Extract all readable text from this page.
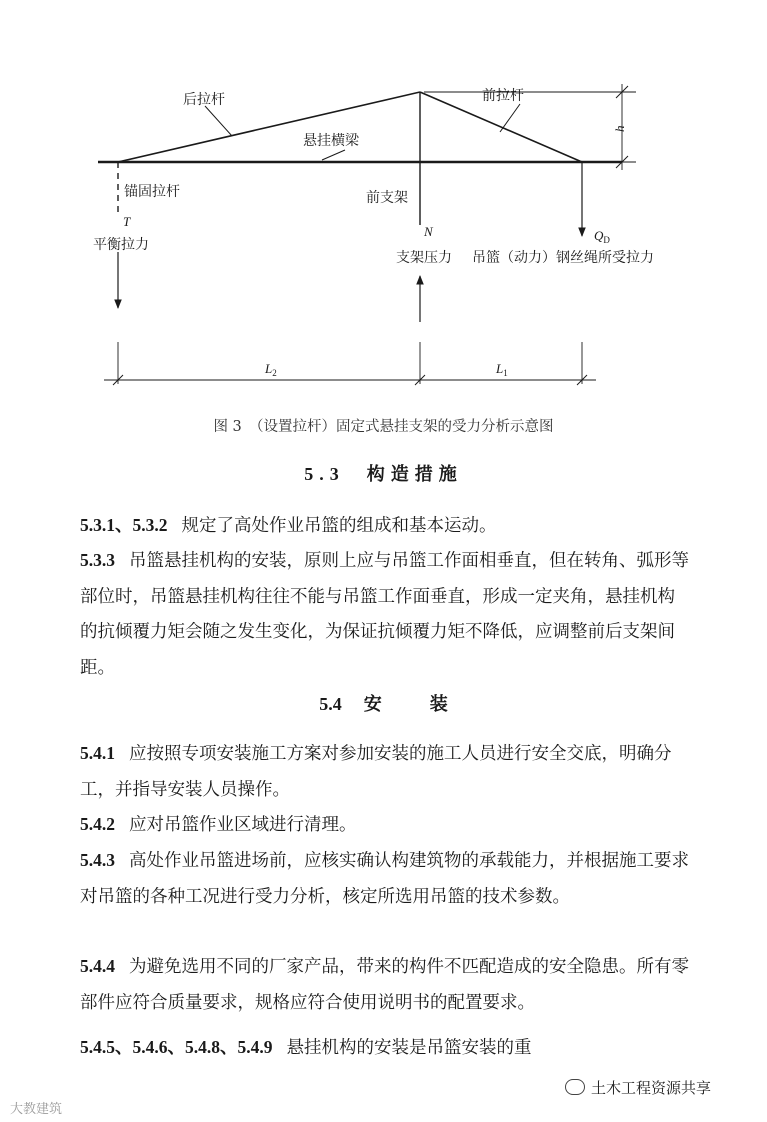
后拉杆	前拉杆
悬挂横梁
锚固拉杆	前支架
T
平衡拉力
N
支架压力
$Q_D$
吊篮（动力）钢丝绳所受拉力
h
$L_2$	$L_1$
图 3　（设置拉杆）固定式悬挂支架的受力分析示意图
5.3 构造措施
5.3.1、5.3.2 规定了高处作业吊篮的组成和基本运动。
5.3.3 吊篮悬挂机构的安装，原则上应与吊篮工作面相垂直，但在转角、弧形等部位时，吊篮悬挂机构往往不能与吊篮工作面垂直，形成一定夹角，悬挂机构的抗倾覆力矩会随之发生变化，为保证抗倾覆力矩不降低，应调整前后支架间距。
5.4 安	装
5.4.1 应按照专项安装施工方案对参加安装的施工人员进行安全交底，明确分工，并指导安装人员操作。
5.4.2 应对吊篮作业区域进行清理。
5.4.3 高处作业吊篮进场前，应核实确认构建筑物的承载能力，并根据施工要求对吊篮的各种工况进行受力分析，核定所选用吊篮的技术参数。
5.4.4 为避免选用不同的厂家产品，带来的构件不匹配造成的安全隐患。所有零部件应符合质量要求，规格应符合使用说明书的配置要求。
5.4.5、5.4.6、5.4.8、5.4.9 悬挂机构的安装是吊篮安装的重
土木工程资源共享
大教建筑
